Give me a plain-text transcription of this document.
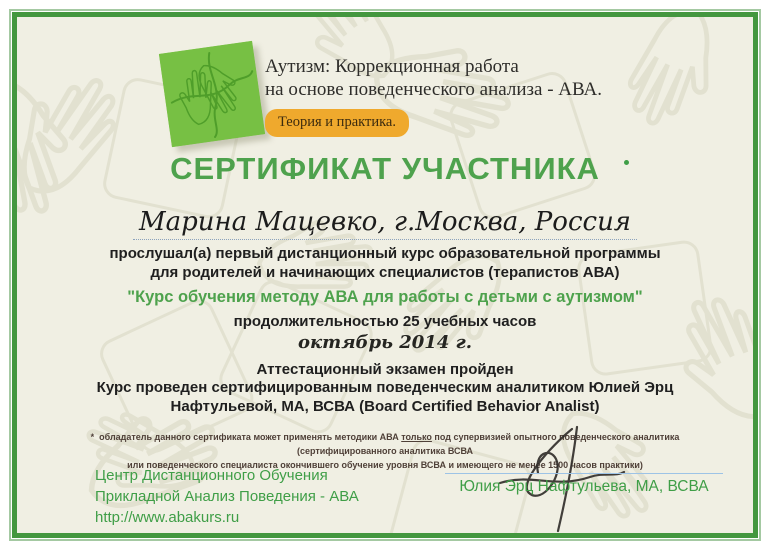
Аутизм: Коррекционная работа
на основе поведенческого анализа - АВА.
Теория и практика.
СЕРТИФИКАТ УЧАСТНИКА
Марина Мацевко, г.Москва, Россия
прослушал(а) первый дистанционный курс образовательной программы
для родителей и начинающих специалистов (терапистов АВА)
"Курс обучения методу АВА для работы с детьми с аутизмом"
продолжительностью 25 учебных часов
октябрь 2014 г.
Аттестационный экзамен пройден
Курс проведен сертифицированным поведенческим аналитиком Юлией Эрц
Нафтульевой, МА, ВСВА (Board Certified Behavior Analist)
* обладатель данного сертификата может применять методики АВА только под супервизией опытного поведенческого аналитика (сертифицированного аналитика ВСВА
или поведенческого специалиста окончившего обучение уровня ВСВА и имеющего не менее 1500 часов практики)
Центр Дистанционного Обучения
Прикладной Анализ Поведения - АВА
http://www.abakurs.ru
Юлия Эрц Нафтульева, МА, ВСВА
